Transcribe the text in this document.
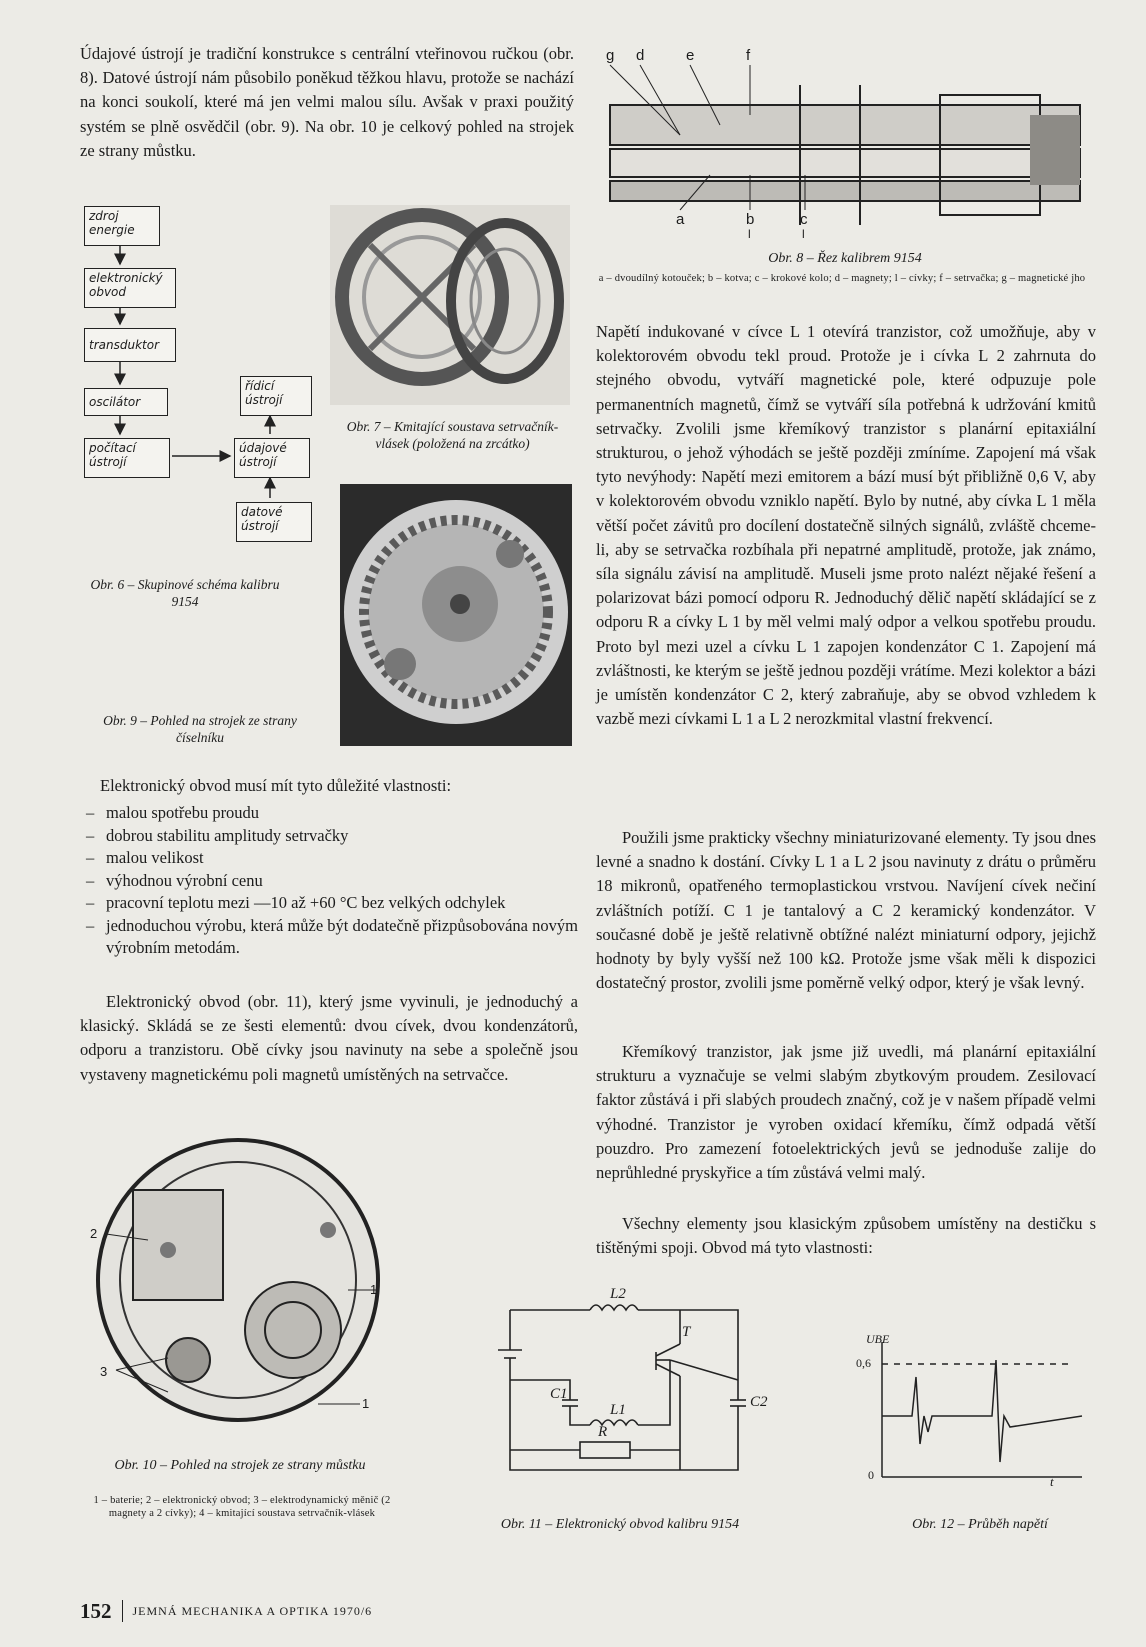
Údajové ústrojí je tradiční konstrukce s centrální vteřinovou ručkou (obr. 8). Datové ústrojí nám působilo poněkud těžkou hlavu, protože se nachází na konci soukolí, které má jen velmi malou sílu. Avšak v praxi použitý systém se plně osvědčil (obr. 9). Na obr. 10 je celkový pohled na strojek ze strany můstku.
zdroj energie
elektronický obvod
transduktor
oscilátor
počítací ústrojí
řídicí ústrojí
údajové ústrojí
datové ústrojí
Obr. 6 – Skupinové schéma kalibru 9154
Obr. 7 – Kmitající soustava setrvačník-vlásek (položená na zrcátko)
Obr. 9 – Pohled na strojek ze strany číselníku
Elektronický obvod musí mít tyto důležité vlastnosti:
– malou spotřebu proudu
– dobrou stabilitu amplitudy setrvačky
– malou velikost
– výhodnou výrobní cenu
– pracovní teplotu mezi —10 až +60 °C bez velkých odchylek
– jednoduchou výrobu, která může být dodatečně přizpůsobována novým výrobním metodám.
Elektronický obvod (obr. 11), který jsme vyvinuli, je jednoduchý a klasický. Skládá se ze šesti elementů: dvou cívek, dvou kondenzátorů, odporu a tranzistoru. Obě cívky jsou navinuty na sebe a společně jsou vystaveny magnetickému poli magnetů umístěných na setrvačce.
2
1
3
1
Obr. 10 – Pohled na strojek ze strany můstku
1 – baterie; 2 – elektronický obvod; 3 – elektrodynamický měnič (2 magnety a 2 cívky); 4 – kmitající soustava setrvačník-vlásek
g d	e	f
a	b	c
l	l
Obr. 8 – Řez kalibrem 9154
a – dvoudílný kotouček; b – kotva; c – krokové kolo; d – magnety; l – cívky; f – setrvačka; g – magnetické jho
Napětí indukované v cívce L 1 otevírá tranzistor, což umožňuje, aby v kolektorovém obvodu tekl proud. Protože je i cívka L 2 zahrnuta do stejného obvodu, vytváří magnetické pole, které odpuzuje pole permanentních magnetů, čímž se vytváří síla potřebná k udržování kmitů setrvačky. Zvolili jsme křemíkový tranzistor s planární epitaxiální strukturou, o jehož výhodách se ještě později zmíníme. Zapojení má však tyto nevýhody: Napětí mezi emitorem a bází musí být přibližně 0,6 V, aby v kolektorovém obvodu vzniklo napětí. Bylo by nutné, aby cívka L 1 měla větší počet závitů pro docílení dostatečně silných signálů, zvláště chceme-li, aby se setrvačka rozbíhala při nepatrné amplitudě, protože, jak známo, síla signálu závisí na amplitudě. Museli jsme proto nalézt nějaké řešení a polarizovat bázi pomocí odporu R. Jednoduchý dělič napětí skládající se z odporu R a cívky L 1 by měl velmi malý odpor a velkou spotřebu proudu. Proto byl mezi uzel a cívku L 1 zapojen kondenzátor C 1. Zapojení má zvláštnosti, ke kterým se ještě jednou později vrátíme. Mezi kolektor a bázi je umístěn kondenzátor C 2, který zabraňuje, aby se obvod vzhledem k vazbě mezi cívkami L 1 a L 2 nerozkmital vlastní frekvencí.
Použili jsme prakticky všechny miniaturizované elementy. Ty jsou dnes levné a snadno k dostání. Cívky L 1 a L 2 jsou navinuty z drátu o průměru 18 mikronů, opatřeného termoplastickou vrstvou. Navíjení cívek nečiní zvláštních potíží. C 1 je tantalový a C 2 keramický kondenzátor. V současné době je ještě relativně obtížné nalézt miniaturní odpory, jejichž hodnoty by byly vyšší než 100 kΩ. Protože jsme však měli k dispozici dostatečný prostor, zvolili jsme poměrně velký odpor, který je však levný.
Křemíkový tranzistor, jak jsme již uvedli, má planární epitaxiální strukturu a vyznačuje se velmi slabým zbytkovým proudem. Zesilovací faktor zůstává i při slabých proudech značný, což je v našem případě velmi výhodné. Tranzistor je vyroben oxidací křemíku, čímž odpadá větší pouzdro. Pro zamezení fotoelektrických jevů se jednoduše zalije do neprůhledné pryskyřice a tím zůstává velmi malý.
Všechny elementy jsou klasickým způsobem umístěny na destičku s tištěnými spoji. Obvod má tyto vlastnosti:
L2
L1
C1	C2
R
T
Obr. 11 – Elektronický obvod kalibru 9154
UBE
0,6
0	t
Obr. 12 – Průběh napětí
152 JEMNÁ MECHANIKA A OPTIKA 1970/6
